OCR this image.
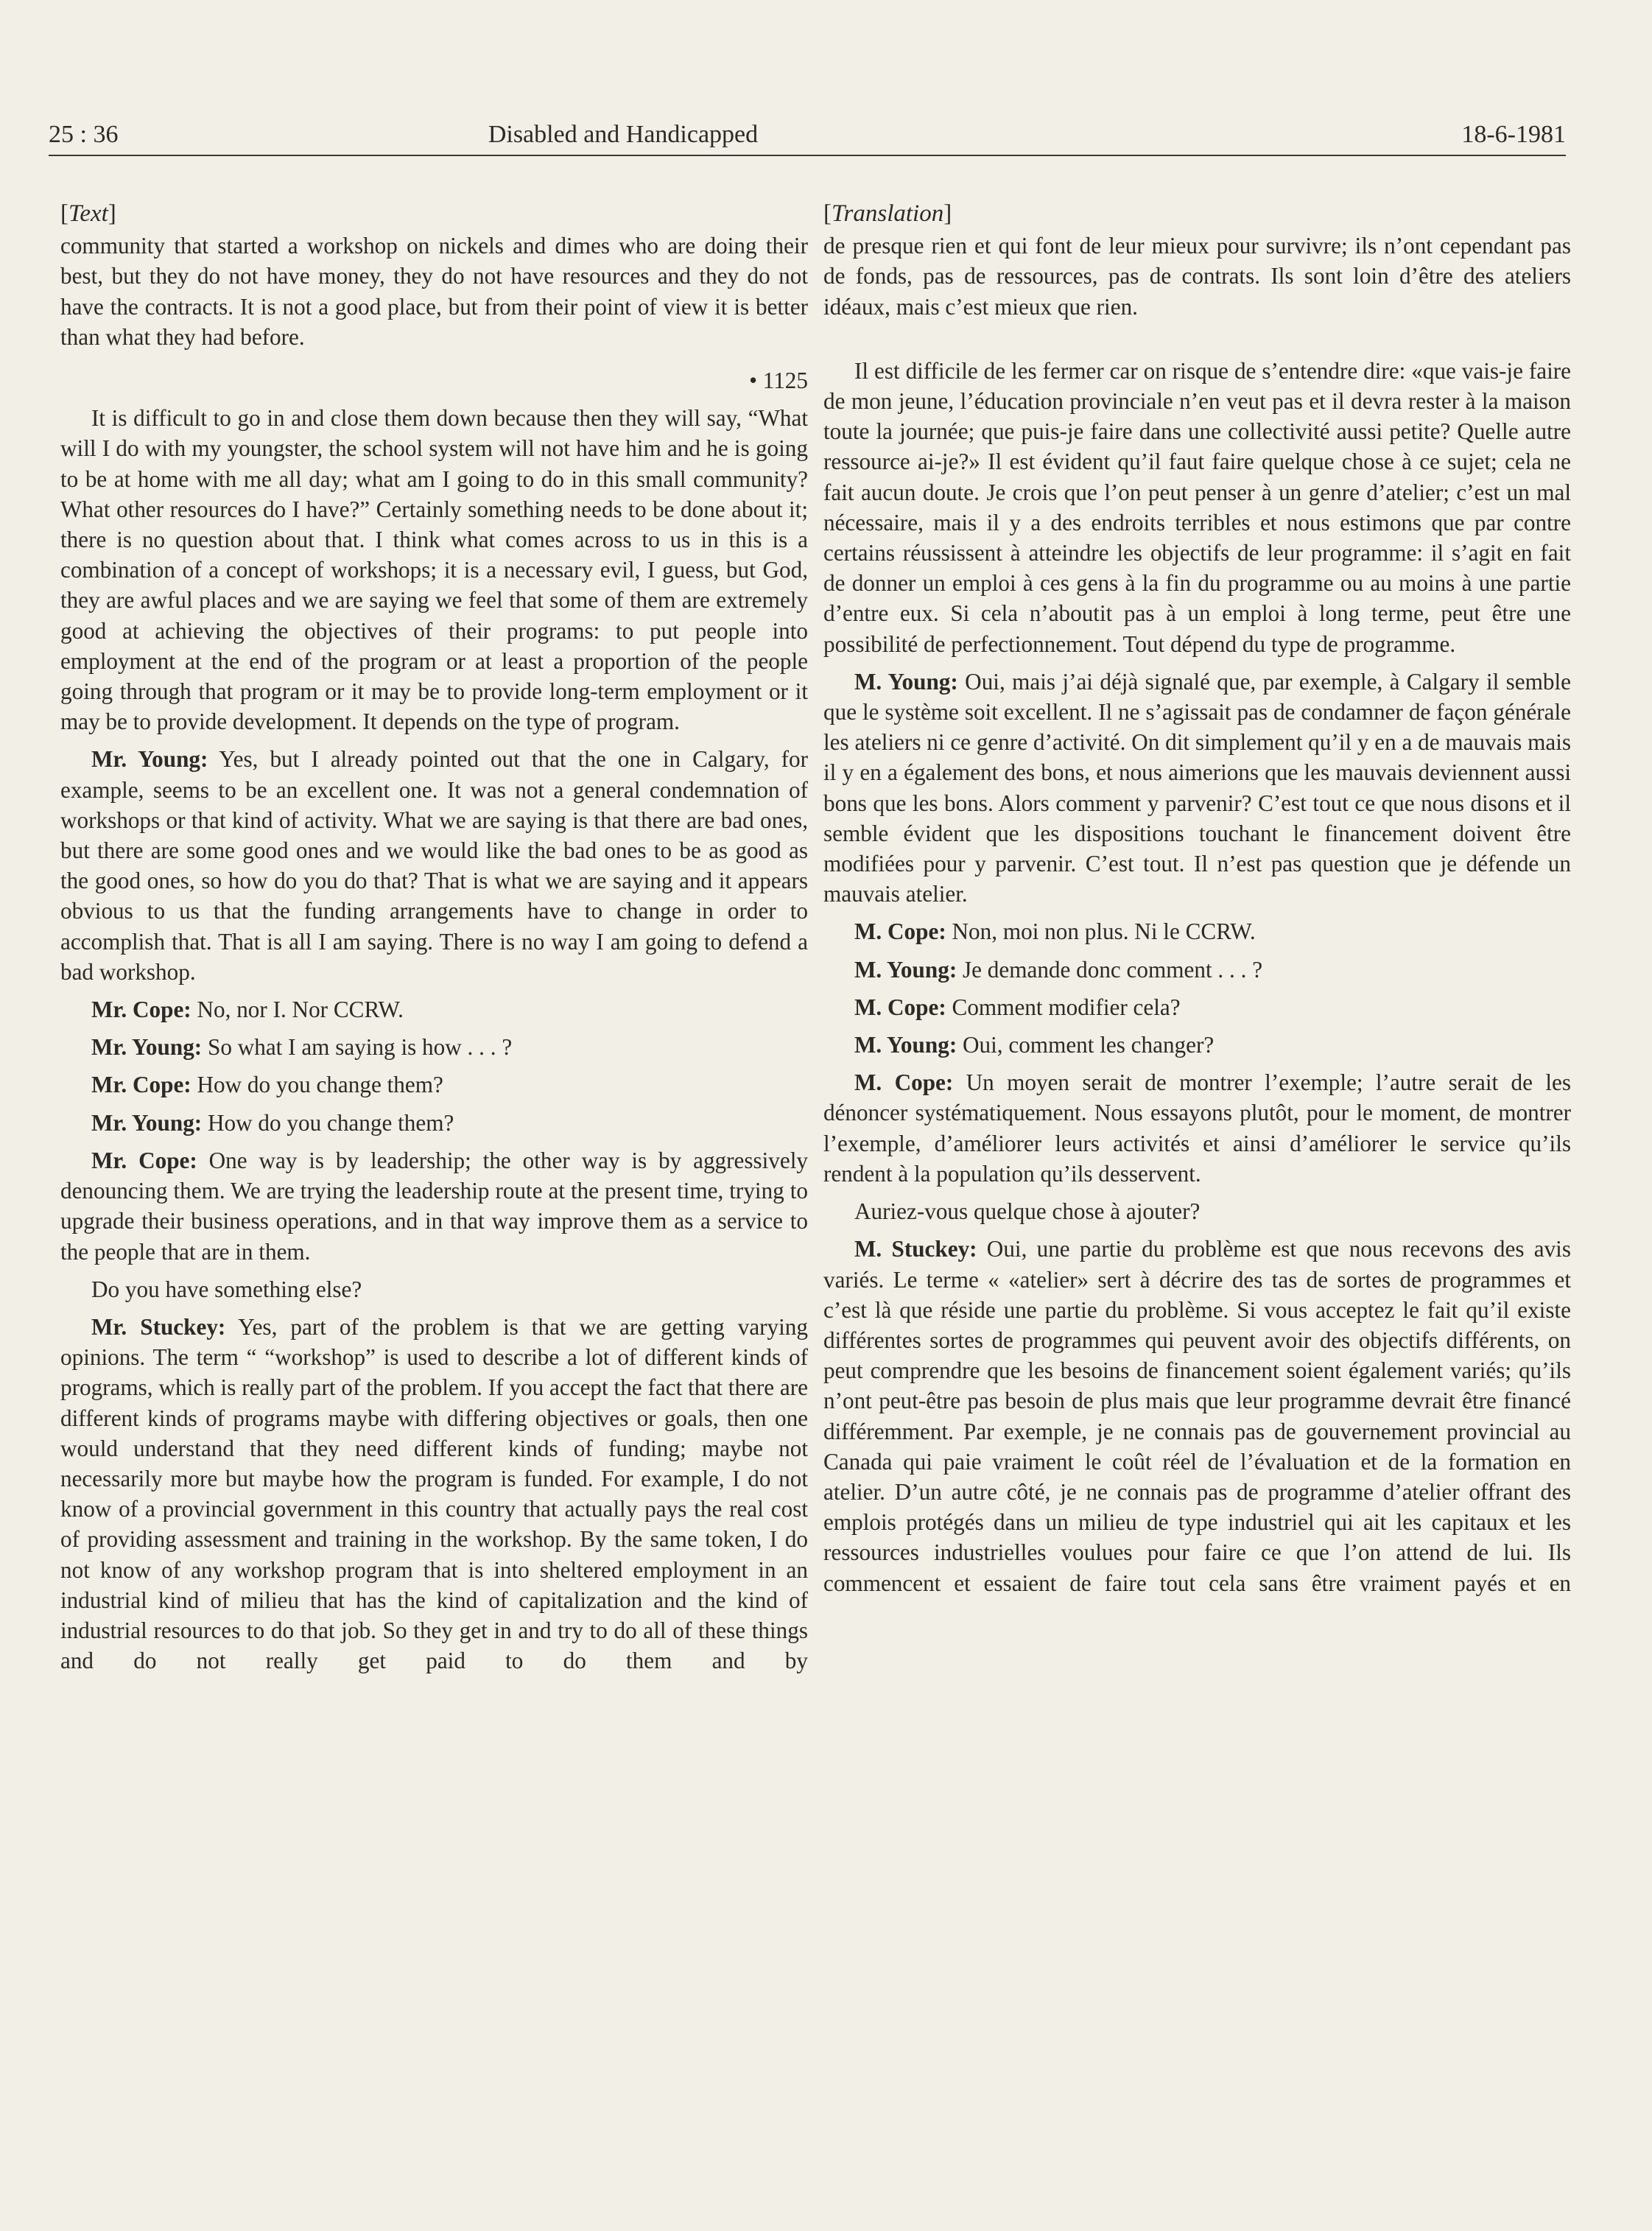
25 : 36	Disabled and Handicapped	18-6-1981
[Text]

community that started a workshop on nickels and dimes who are doing their best, but they do not have money, they do not have resources and they do not have the contracts. It is not a good place, but from their point of view it is better than what they had before.

• 1125

It is difficult to go in and close them down because then they will say, “What will I do with my youngster, the school system will not have him and he is going to be at home with me all day; what am I going to do in this small community? What other resources do I have?” Certainly something needs to be done about it; there is no question about that. I think what comes across to us in this is a combination of a concept of workshops; it is a necessary evil, I guess, but God, they are awful places and we are saying we feel that some of them are extremely good at achieving the objectives of their programs: to put people into employment at the end of the program or at least a proportion of the people going through that program or it may be to provide long-term employment or it may be to provide development. It depends on the type of program.

Mr. Young: Yes, but I already pointed out that the one in Calgary, for example, seems to be an excellent one. It was not a general condemnation of workshops or that kind of activity. What we are saying is that there are bad ones, but there are some good ones and we would like the bad ones to be as good as the good ones, so how do you do that? That is what we are saying and it appears obvious to us that the funding arrangements have to change in order to accomplish that. That is all I am saying. There is no way I am going to defend a bad workshop.

Mr. Cope: No, nor I. Nor CCRW.

Mr. Young: So what I am saying is how . . . ?

Mr. Cope: How do you change them?

Mr. Young: How do you change them?

Mr. Cope: One way is by leadership; the other way is by aggressively denouncing them. We are trying the leadership route at the present time, trying to upgrade their business operations, and in that way improve them as a service to the people that are in them.

Do you have something else?

Mr. Stuckey: Yes, part of the problem is that we are getting varying opinions. The term “ “workshop” is used to describe a lot of different kinds of programs, which is really part of the problem. If you accept the fact that there are different kinds of programs maybe with differing objectives or goals, then one would understand that they need different kinds of funding; maybe not necessarily more but maybe how the program is funded. For example, I do not know of a provincial government in this country that actually pays the real cost of providing assessment and training in the workshop. By the same token, I do not know of any workshop program that is into sheltered employment in an industrial kind of milieu that has the kind of capitalization and the kind of industrial resources to do that job. So they get in and try to do all of these things and do not really get paid to do them and by

[Translation]

de presque rien et qui font de leur mieux pour survivre; ils n’ont cependant pas de fonds, pas de ressources, pas de contrats. Ils sont loin d’être des ateliers idéaux, mais c’est mieux que rien.

Il est difficile de les fermer car on risque de s’entendre dire: «que vais-je faire de mon jeune, l’éducation provinciale n’en veut pas et il devra rester à la maison toute la journée; que puis-je faire dans une collectivité aussi petite? Quelle autre ressource ai-je?» Il est évident qu’il faut faire quelque chose à ce sujet; cela ne fait aucun doute. Je crois que l’on peut penser à un genre d’atelier; c’est un mal nécessaire, mais il y a des endroits terribles et nous estimons que par contre certains réussissent à atteindre les objectifs de leur programme: il s’agit en fait de donner un emploi à ces gens à la fin du programme ou au moins à une partie d’entre eux. Si cela n’aboutit pas à un emploi à long terme, peut être une possibilité de perfectionnement. Tout dépend du type de programme.

M. Young: Oui, mais j’ai déjà signalé que, par exemple, à Calgary il semble que le système soit excellent. Il ne s’agissait pas de condamner de façon générale les ateliers ni ce genre d’activité. On dit simplement qu’il y en a de mauvais mais il y en a également des bons, et nous aimerions que les mauvais deviennent aussi bons que les bons. Alors comment y parvenir? C’est tout ce que nous disons et il semble évident que les dispositions touchant le financement doivent être modifiées pour y parvenir. C’est tout. Il n’est pas question que je défende un mauvais atelier.

M. Cope: Non, moi non plus. Ni le CCRW.

M. Young: Je demande donc comment . . . ?

M. Cope: Comment modifier cela?

M. Young: Oui, comment les changer?

M. Cope: Un moyen serait de montrer l’exemple; l’autre serait de les dénoncer systématiquement. Nous essayons plutôt, pour le moment, de montrer l’exemple, d’améliorer leurs activités et ainsi d’améliorer le service qu’ils rendent à la population qu’ils desservent.

Auriez-vous quelque chose à ajouter?

M. Stuckey: Oui, une partie du problème est que nous recevons des avis variés. Le terme « «atelier» sert à décrire des tas de sortes de programmes et c’est là que réside une partie du problème. Si vous acceptez le fait qu’il existe différentes sortes de programmes qui peuvent avoir des objectifs différents, on peut comprendre que les besoins de financement soient également variés; qu’ils n’ont peut-être pas besoin de plus mais que leur programme devrait être financé différemment. Par exemple, je ne connais pas de gouvernement provincial au Canada qui paie vraiment le coût réel de l’évaluation et de la formation en atelier. D’un autre côté, je ne connais pas de programme d’atelier offrant des emplois protégés dans un milieu de type industriel qui ait les capitaux et les ressources industrielles voulues pour faire ce que l’on attend de lui. Ils commencent et essaient de faire tout cela sans être vraiment payés et en
